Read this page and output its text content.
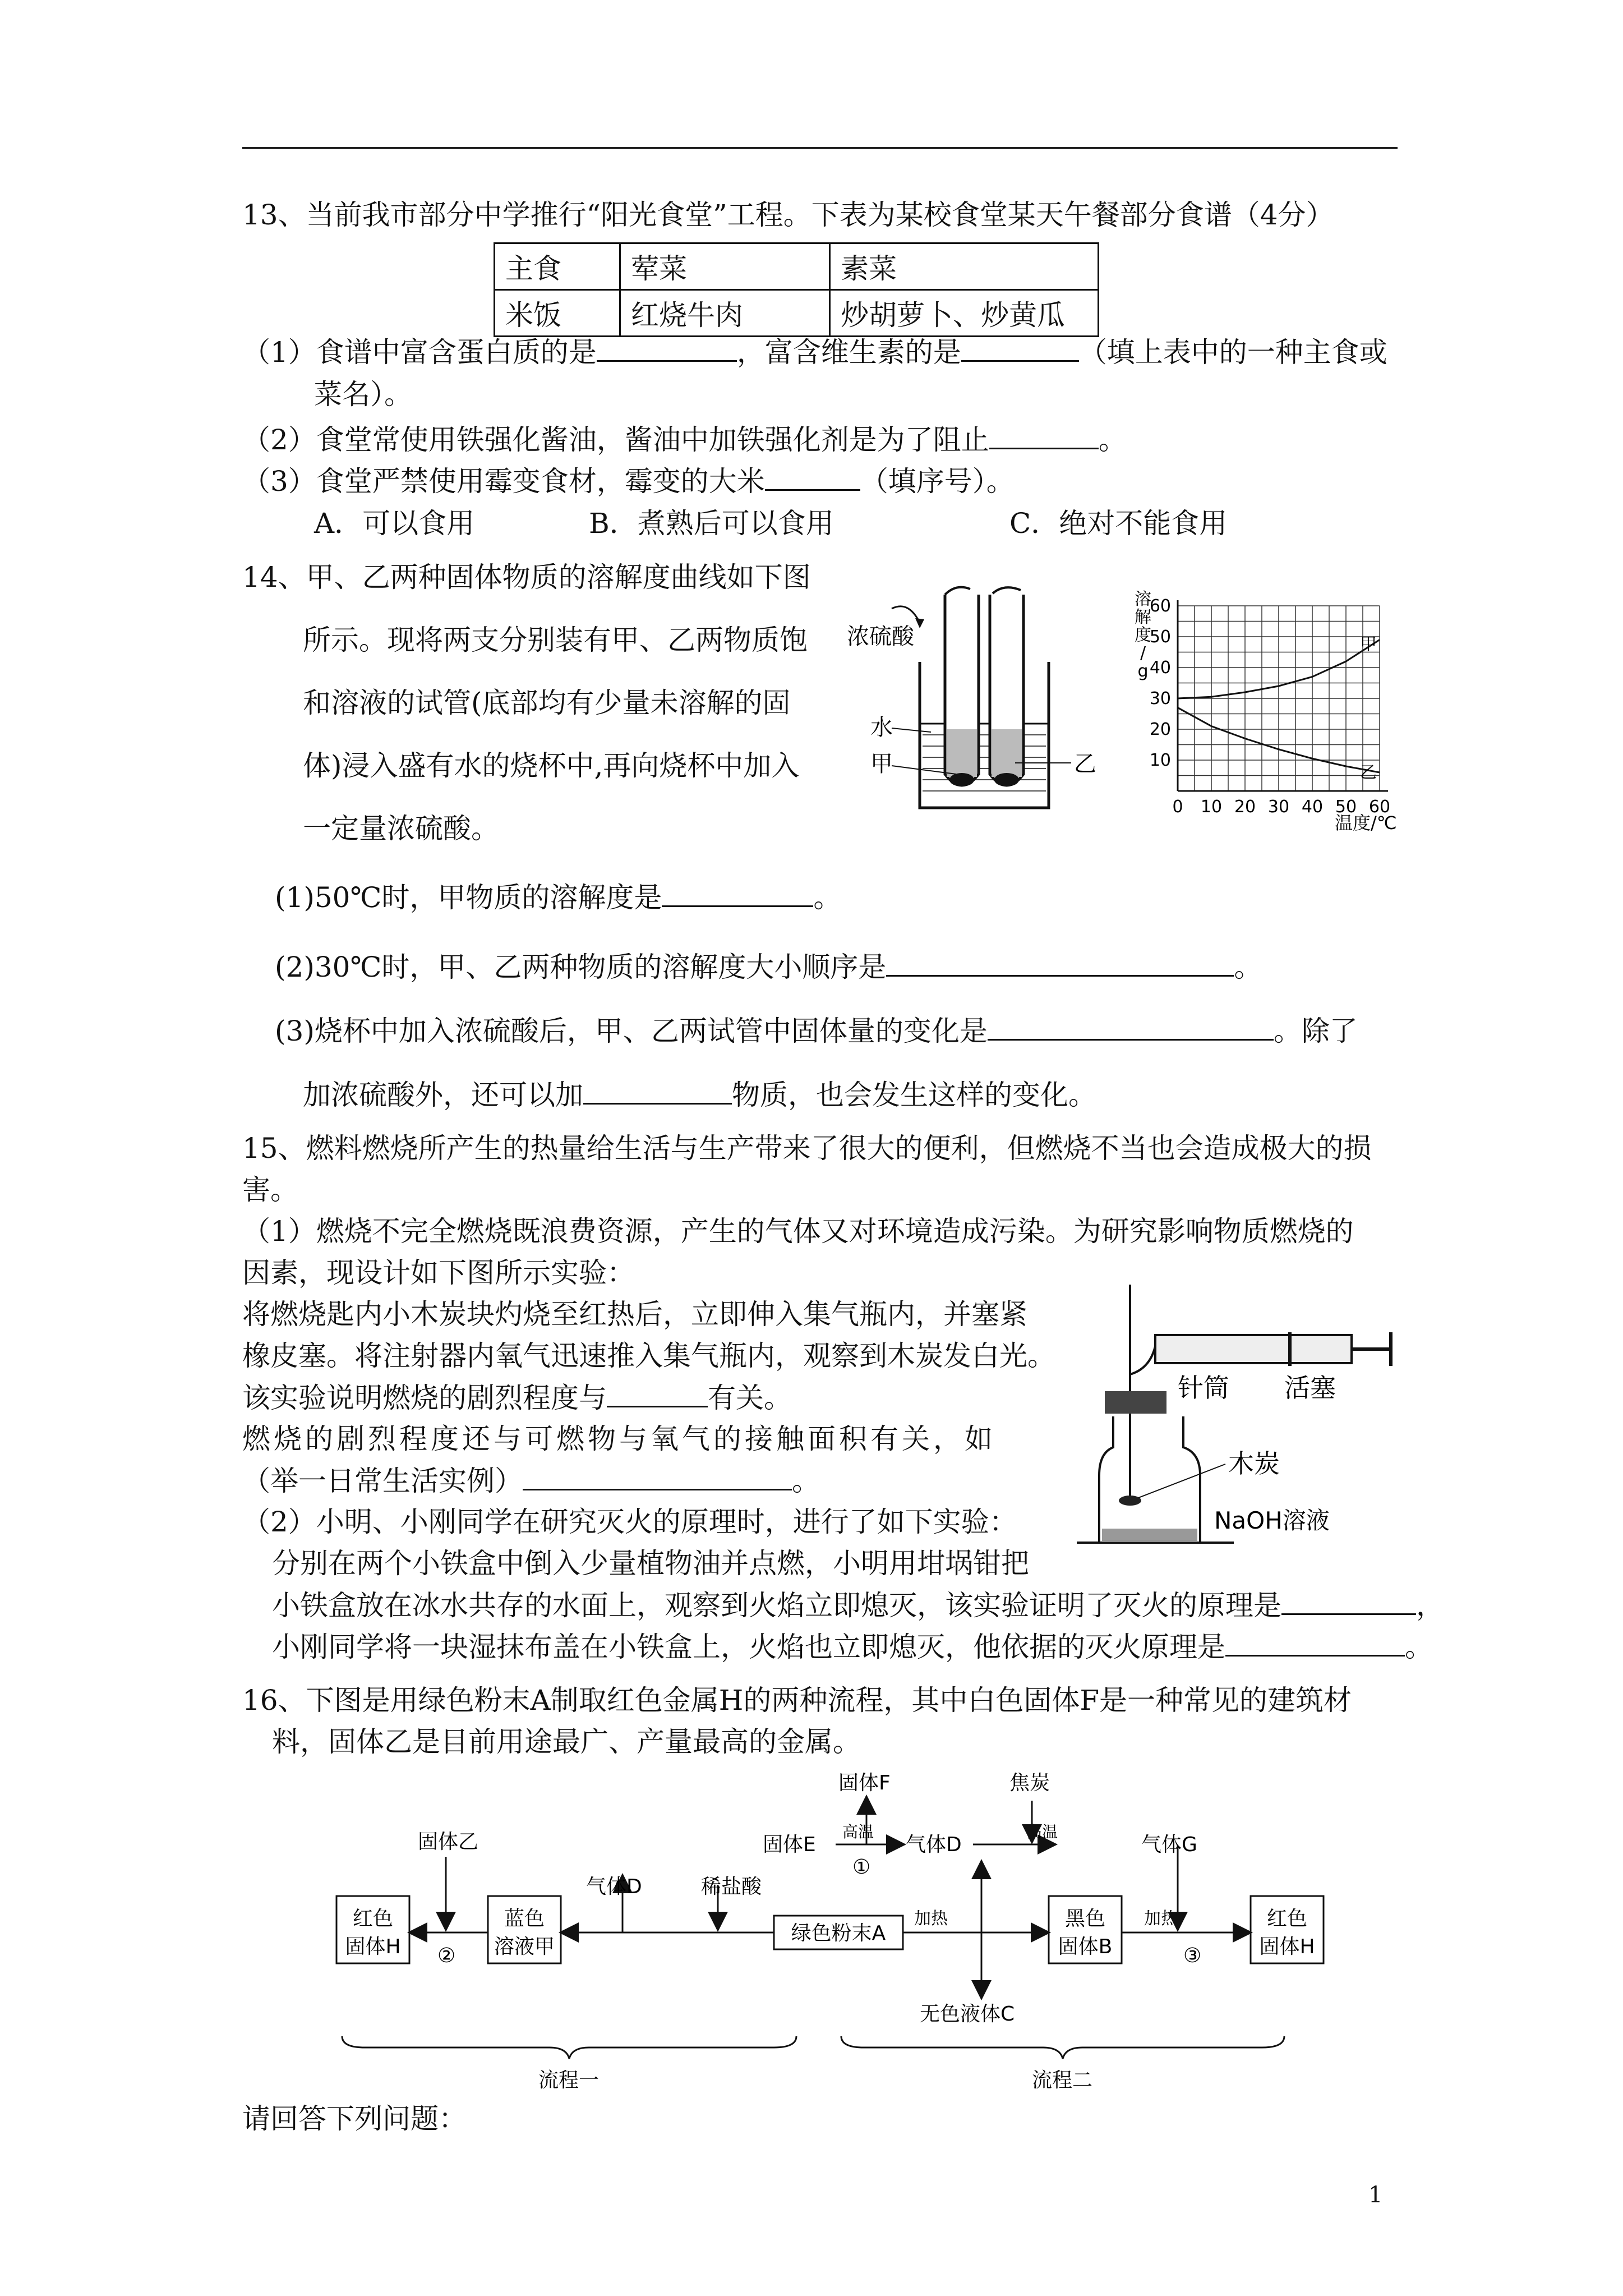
13、当前我市部分中学推行“阳光食堂”工程。下表为某校食堂某天午餐部分食谱（4分）
主食	荤菜	素菜
米饭	红烧牛肉	炒胡萝卜、炒黄瓜
（1）食谱中富含蛋白质的是	，富含维生素的是	（填上表中的一种主食或
菜名）。
（2）食堂常使用铁强化酱油，酱油中加铁强化剂是为了阻止	。
（3）食堂严禁使用霉变食材，霉变的大米	（填序号）。
A．可以食用	B．煮熟后可以食用	C．绝对不能食用
14、甲、乙两种固体物质的溶解度曲线如下图
所示。现将两支分别装有甲、乙两物质饱
和溶液的试管(底部均有少量未溶解的固
体)浸入盛有水的烧杯中,再向烧杯中加入
一定量浓硫酸。
浓硫酸
水
甲	乙
0 10 20 30 40 50 60
10
20
30
40
50
60
甲
乙
溶
解
度
/
g
温度/℃
(1)50℃时，甲物质的溶解度是	。
(2)30℃时，甲、乙两种物质的溶解度大小顺序是	。
(3)烧杯中加入浓硫酸后，甲、乙两试管中固体量的变化是	。除了
加浓硫酸外，还可以加	物质，也会发生这样的变化。
15、燃料燃烧所产生的热量给生活与生产带来了很大的便利，但燃烧不当也会造成极大的损
害。
（1）燃烧不完全燃烧既浪费资源，产生的气体又对环境造成污染。为研究影响物质燃烧的
因素，现设计如下图所示实验：
将燃烧匙内小木炭块灼烧至红热后，立即伸入集气瓶内，并塞紧
橡皮塞。将注射器内氧气迅速推入集气瓶内，观察到木炭发白光。
该实验说明燃烧的剧烈程度与	有关。
燃烧的剧烈程度还与可燃物与氧气的接触面积有关，如
（举一日常生活实例）	。
（2）小明、小刚同学在研究灭火的原理时，进行了如下实验：
分别在两个小铁盒中倒入少量植物油并点燃，小明用坩埚钳把
小铁盒放在冰水共存的水面上，观察到火焰立即熄灭，该实验证明了灭火的原理是	，
小刚同学将一块湿抹布盖在小铁盒上，火焰也立即熄灭，他依据的灭火原理是	。
针筒 活塞
木炭
NaOH溶液
16、下图是用绿色粉末A制取红色金属H的两种流程，其中白色固体F是一种常见的建筑材
料，固体乙是目前用途最广、产量最高的金属。
红色
固体H
蓝色
溶液甲
绿色粉末A
黑色
固体B
红色
固体H
固体乙
②
气体D	稀盐酸
加热	加热
③
无色液体C
固体E
高温
①
固体F
气体D
高温
焦炭
气体G
流程一	流程二
请回答下列问题：
1
